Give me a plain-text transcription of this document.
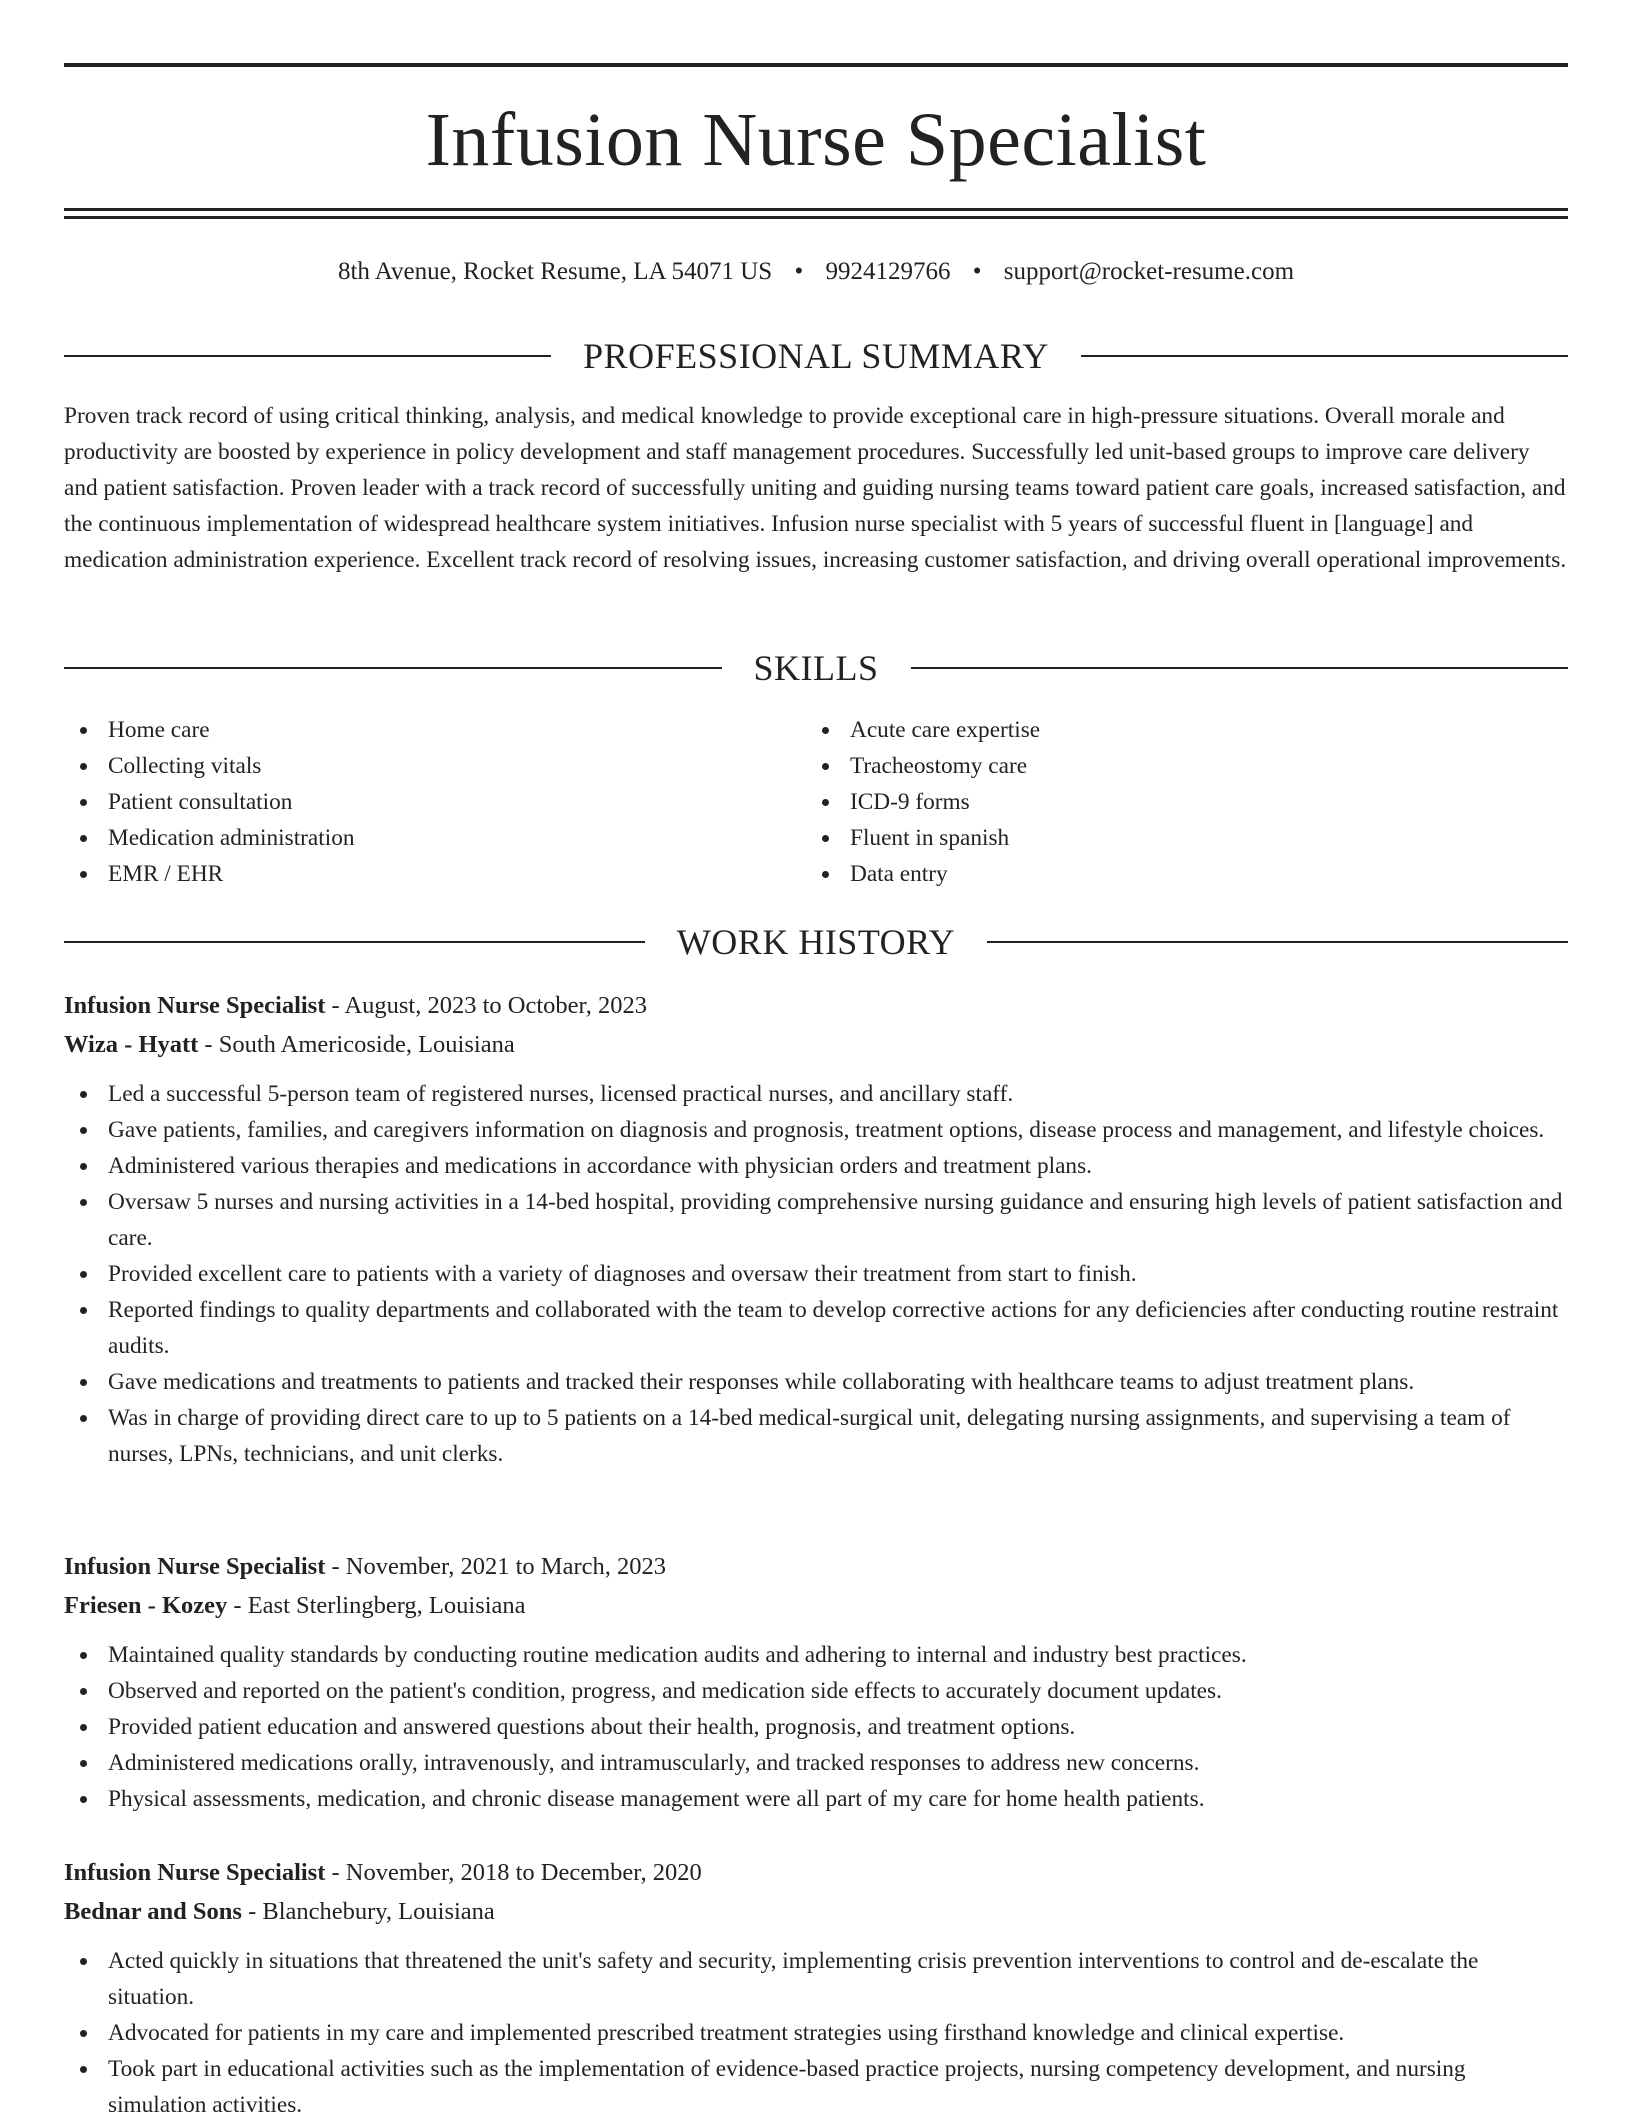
Infusion Nurse Specialist
8th Avenue, Rocket Resume, LA 54071 US • 9924129766 • support@rocket-resume.com
PROFESSIONAL SUMMARY

Proven track record of using critical thinking, analysis, and medical knowledge to provide exceptional care in high-pressure situations. Overall morale and productivity are boosted by experience in policy development and staff management procedures. Successfully led unit-based groups to improve care delivery and patient satisfaction. Proven leader with a track record of successfully uniting and guiding nursing teams toward patient care goals, increased satisfaction, and the continuous implementation of widespread healthcare system initiatives. Infusion nurse specialist with 5 years of successful fluent in [language] and medication administration experience. Excellent track record of resolving issues, increasing customer satisfaction, and driving overall operational improvements.

SKILLS
Home care
Collecting vitals
Patient consultation
Medication administration
EMR / EHR
Acute care expertise
Tracheostomy care
ICD-9 forms
Fluent in spanish
Data entry
WORK HISTORY
Infusion Nurse Specialist - August, 2023 to October, 2023
Wiza - Hyatt - South Americoside, Louisiana
Led a successful 5-person team of registered nurses, licensed practical nurses, and ancillary staff.
Gave patients, families, and caregivers information on diagnosis and prognosis, treatment options, disease process and management, and lifestyle choices.
Administered various therapies and medications in accordance with physician orders and treatment plans.
Oversaw 5 nurses and nursing activities in a 14-bed hospital, providing comprehensive nursing guidance and ensuring high levels of patient satisfaction and care.
Provided excellent care to patients with a variety of diagnoses and oversaw their treatment from start to finish.
Reported findings to quality departments and collaborated with the team to develop corrective actions for any deficiencies after conducting routine restraint audits.
Gave medications and treatments to patients and tracked their responses while collaborating with healthcare teams to adjust treatment plans.
Was in charge of providing direct care to up to 5 patients on a 14-bed medical-surgical unit, delegating nursing assignments, and supervising a team of nurses, LPNs, technicians, and unit clerks.
Infusion Nurse Specialist - November, 2021 to March, 2023
Friesen - Kozey - East Sterlingberg, Louisiana
Maintained quality standards by conducting routine medication audits and adhering to internal and industry best practices.
Observed and reported on the patient's condition, progress, and medication side effects to accurately document updates.
Provided patient education and answered questions about their health, prognosis, and treatment options.
Administered medications orally, intravenously, and intramuscularly, and tracked responses to address new concerns.
Physical assessments, medication, and chronic disease management were all part of my care for home health patients.
Infusion Nurse Specialist - November, 2018 to December, 2020
Bednar and Sons - Blanchebury, Louisiana
Acted quickly in situations that threatened the unit's safety and security, implementing crisis prevention interventions to control and de-escalate the situation.
Advocated for patients in my care and implemented prescribed treatment strategies using firsthand knowledge and clinical expertise.
Took part in educational activities such as the implementation of evidence-based practice projects, nursing competency development, and nursing simulation activities.
